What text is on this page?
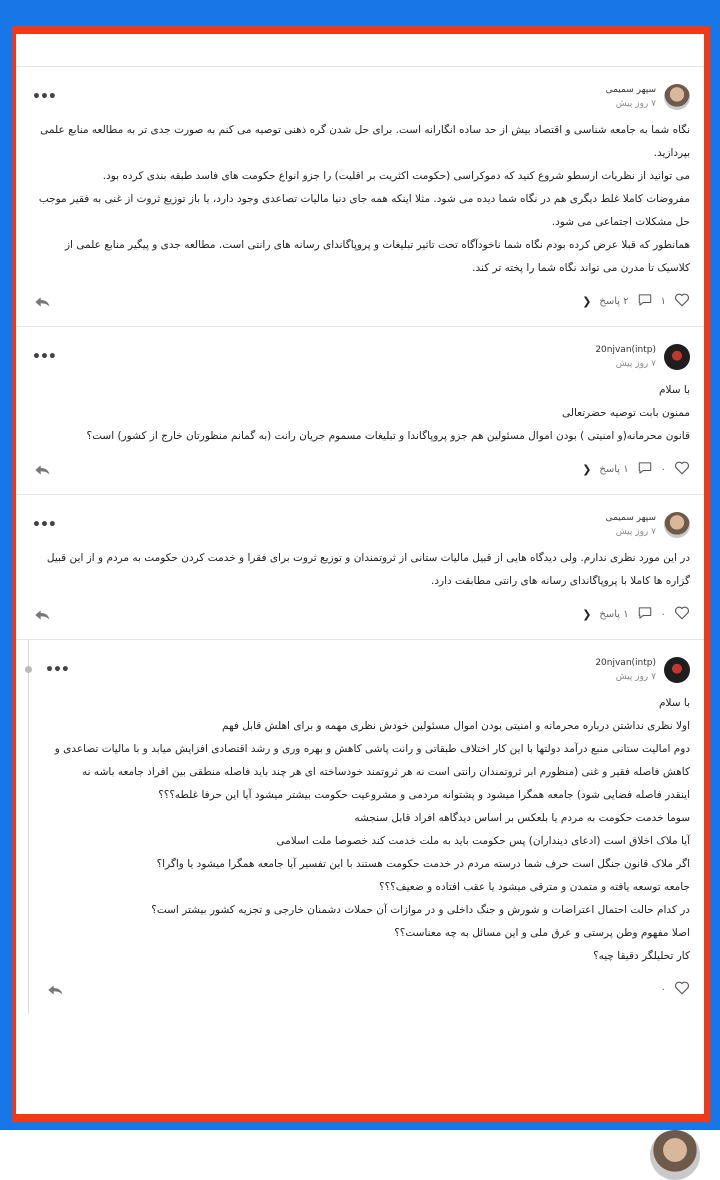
سپهر سمیمی
۷ روز پیش
•••

نگاه شما به جامعه شناسی و اقتصاد بیش از حد ساده انگارانه است. برای حل شدن گره ذهنی توصیه می کنم به صورت جدی تر به مطالعه منابع علمی بپردازید.

می توانید از نظریات ارسطو شروع کنید که دموکراسی (حکومت اکثریت بر اقلیت) را جزو انواع حکومت های فاسد طبقه بندی کرده بود.

مفروضات کاملا غلط دیگری هم در نگاه شما دیده می شود. مثلا اینکه همه جای دنیا مالیات تصاعدی وجود دارد، یا باز توزیع ثروت از غنی به فقیر موجب حل مشکلات اجتماعی می شود.

همانطور که قبلا عرض کرده بودم نگاه شما ناخودآگاه تحت تاثیر تبلیغات و پروپاگاندای رسانه های رانتی است. مطالعه جدی و پیگیر منابع علمی از کلاسیک تا مدرن می تواند نگاه شما را پخته تر کند.

۱
۲ پاسخ
❮
20njvan(intp)
۷ روز پیش
•••

با سلام

ممنون بابت توصیه حضرتعالی

قانون محرمانه(و امنیتی ) بودن اموال مسئولین هم جزو پروپاگاندا و تبلیغات مسموم جریان رانت (به گمانم منظورتان خارج از کشور) است؟

۰
۱ پاسخ
❮
سپهر سمیمی
۷ روز پیش
•••

در این مورد نظری ندارم. ولی دیدگاه هایی از قبیل مالیات ستانی از ثروتمندان و توزیع ثروت برای فقرا و خدمت کردن حکومت به مردم و از این قبیل گزاره ها کاملا با پروپاگاندای رسانه های رانتی مطابقت دارد.

۰
۱ پاسخ
❮
20njvan(intp)
۷ روز پیش
•••

با سلام

اولا نظری نداشتن درباره محرمانه و امنیتی بودن اموال مسئولین خودش نظری مهمه و برای اهلش قابل فهم

دوم امالیت ستانی منبع درآمد دولتها با این کار اختلاف طبقاتی و رانت پاشی کاهش و بهره وری و رشد اقتصادی افزایش میابد و با مالیات تصاعدی و

کاهش فاصله فقیر و غنی (منظورم ابر ثروتمندان رانتی است نه هر ثروتمند خودساخته ای هر چند باید فاصله منطقی بین افراد جامعه باشه نه

اینقدر فاصله فضایی شود) جامعه همگرا میشود و پشتوانه مردمی و مشروعیت حکومت بیشتر میشود آیا این حرفا غلطه؟؟؟

سوما خدمت حکومت به مردم یا بلعکس بر اساس دیدگاهه افراد قابل سنجشه

آیا ملاک اخلاق است (ادعای دینداران) پس حکومت باید به ملت خدمت کند خصوصا ملت اسلامی

اگر ملاک قانون جنگل است حرف شما درسته مردم در خدمت حکومت هستند با این تفسیر آیا جامعه همگرا میشود یا واگرا؟

جامعه توسعه یافته و متمدن و مترقی میشود یا عقب افتاده و ضعیف؟؟؟

در کدام حالت احتمال اعتراضات و شورش و جنگ داخلی و در موازات آن حملات دشمنان خارجی و تجزیه کشور بیشتر است؟

اصلا مفهوم وطن پرستی و عرق ملی و این مسائل به چه معناست؟؟

کار تحلیلگر دقیقا چیه؟

۰
